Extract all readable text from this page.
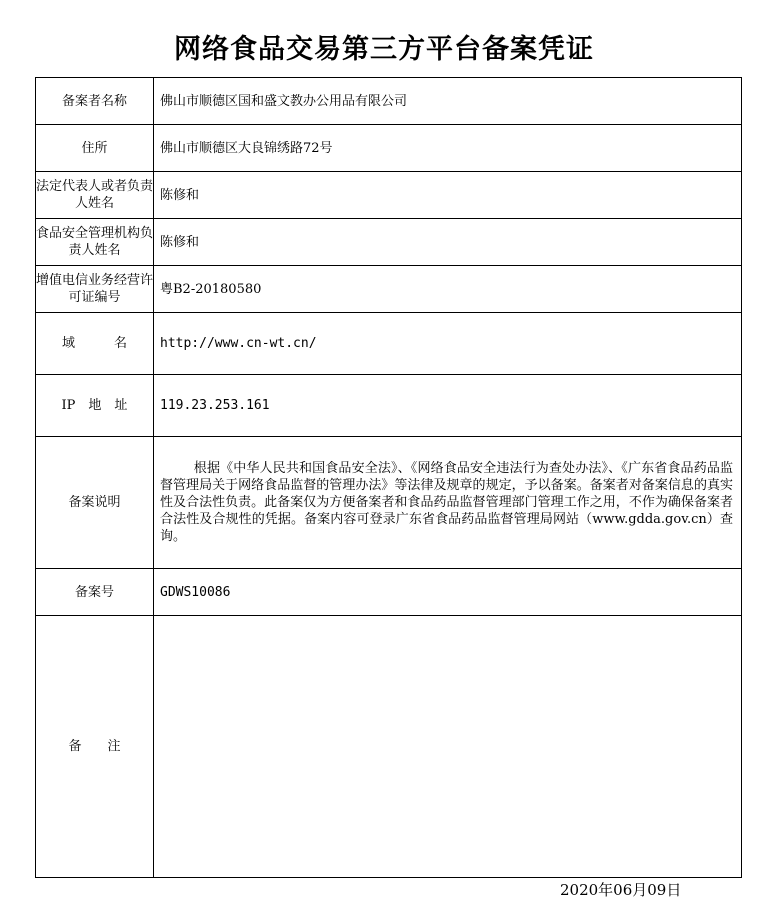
网络食品交易第三方平台备案凭证
备案者名称	佛山市顺德区国和盛文教办公用品有限公司
住所	佛山市顺德区大良锦绣路72号
法定代表人或者负责人姓名	陈修和
食品安全管理机构负责人姓名	陈修和
增值电信业务经营许可证编号	粤B2-20180580
域　　　名	http://www.cn-wt.cn/
IP　地　址	119.23.253.161
备案说明	根据《中华人民共和国食品安全法》、《网络食品安全违法行为查处办法》、《广东省食品药品监督管理局关于网络食品监督的管理办法》等法律及规章的规定，予以备案。备案者对备案信息的真实性及合法性负责。此备案仅为方便备案者和食品药品监督管理部门管理工作之用，不作为确保备案者合法性及合规性的凭据。备案内容可登录广东省食品药品监督管理局网站（www.gdda.gov.cn）查询。

备案号	GDWS10086
备　　注	
2020年06月09日
